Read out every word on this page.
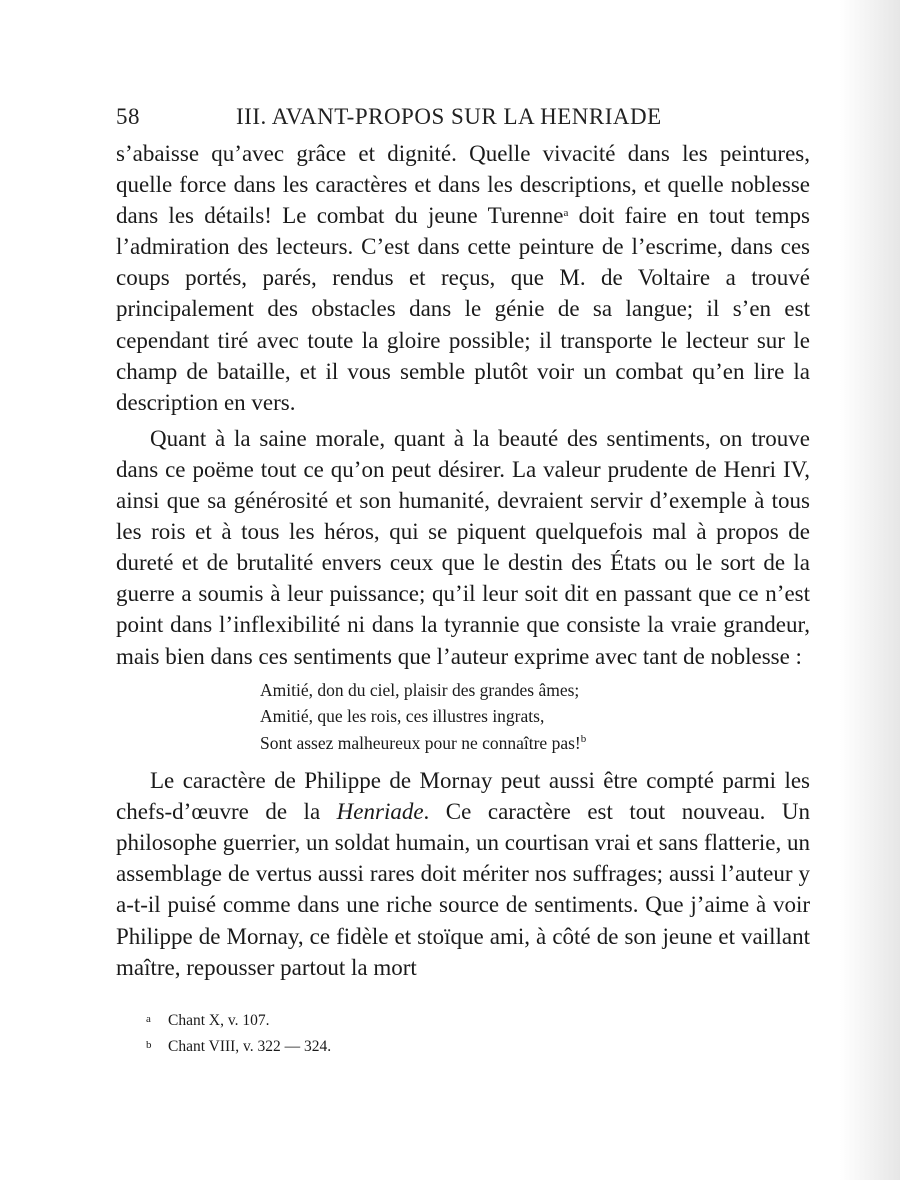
58	III. AVANT-PROPOS SUR LA HENRIADE

s’abaisse qu’avec grâce et dignité. Quelle vivacité dans les peintures, quelle force dans les caractères et dans les descriptions, et quelle noblesse dans les détails! Le combat du jeune Turenne$^a$ doit faire en tout temps l’admiration des lecteurs. C’est dans cette peinture de l’escrime, dans ces coups portés, parés, rendus et reçus, que M. de Voltaire a trouvé principalement des obstacles dans le génie de sa langue; il s’en est cependant tiré avec toute la gloire possible; il transporte le lecteur sur le champ de bataille, et il vous semble plutôt voir un combat qu’en lire la description en vers.

Quant à la saine morale, quant à la beauté des sentiments, on trouve dans ce poëme tout ce qu’on peut désirer. La valeur prudente de Henri IV, ainsi que sa générosité et son humanité, devraient servir d’exemple à tous les rois et à tous les héros, qui se piquent quelquefois mal à propos de dureté et de brutalité envers ceux que le destin des États ou le sort de la guerre a soumis à leur puissance; qu’il leur soit dit en passant que ce n’est point dans l’inflexibilité ni dans la tyrannie que consiste la vraie grandeur, mais bien dans ces sentiments que l’auteur exprime avec tant de noblesse :

Amitié, don du ciel, plaisir des grandes âmes;
Amitié, que les rois, ces illustres ingrats,
Sont assez malheureux pour ne connaître pas!$^b$

Le caractère de Philippe de Mornay peut aussi être compté parmi les chefs-d’œuvre de la Henriade. Ce caractère est tout nouveau. Un philosophe guerrier, un soldat humain, un courtisan vrai et sans flatterie, un assemblage de vertus aussi rares doit mériter nos suffrages; aussi l’auteur y a-t-il puisé comme dans une riche source de sentiments. Que j’aime à voir Philippe de Mornay, ce fidèle et stoïque ami, à côté de son jeune et vaillant maître, repousser partout la mort

a Chant X, v. 107.
b Chant VIII, v. 322 — 324.
